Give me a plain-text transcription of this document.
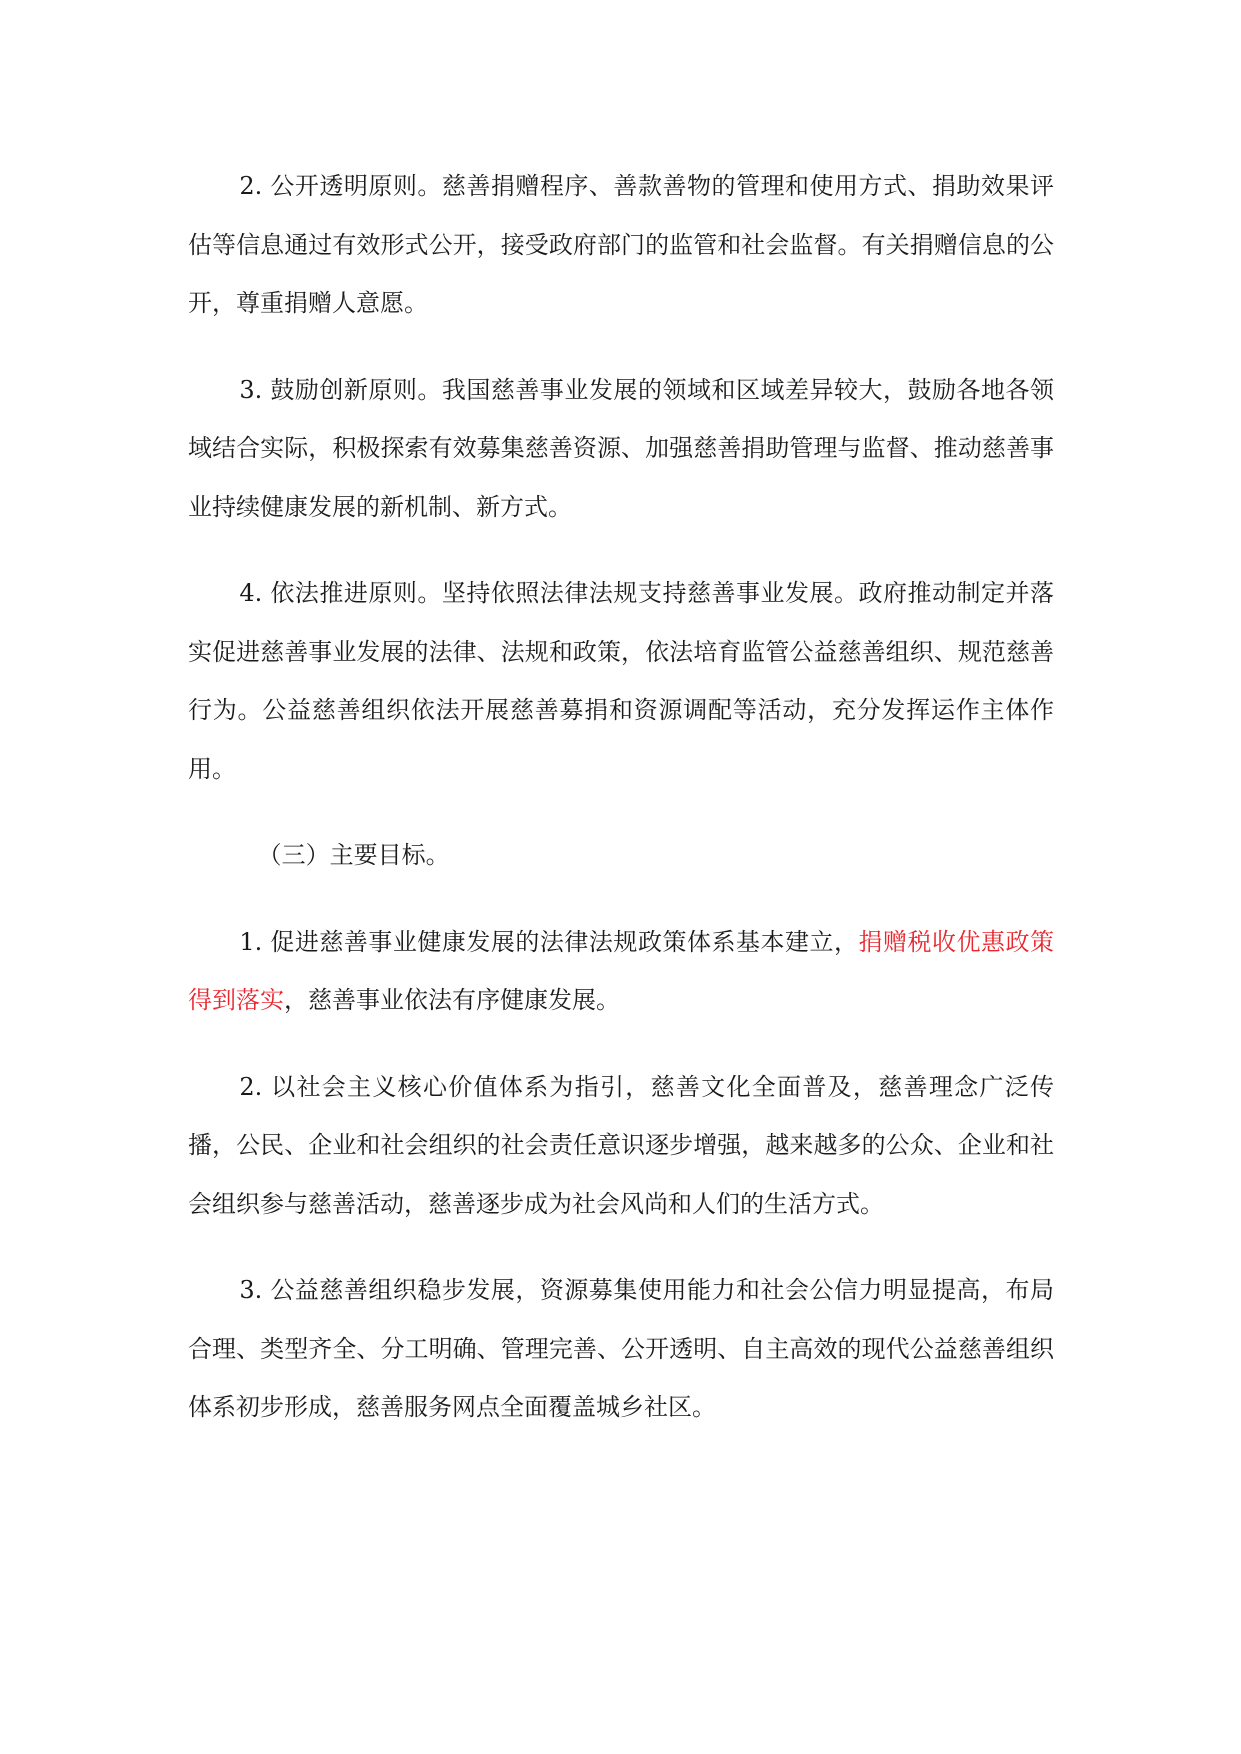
2. 公开透明原则。慈善捐赠程序、善款善物的管理和使用方式、捐助效果评估等信息通过有效形式公开，接受政府部门的监管和社会监督。有关捐赠信息的公开，尊重捐赠人意愿。

3. 鼓励创新原则。我国慈善事业发展的领域和区域差异较大，鼓励各地各领域结合实际，积极探索有效募集慈善资源、加强慈善捐助管理与监督、推动慈善事业持续健康发展的新机制、新方式。

4. 依法推进原则。坚持依照法律法规支持慈善事业发展。政府推动制定并落实促进慈善事业发展的法律、法规和政策，依法培育监管公益慈善组织、规范慈善行为。公益慈善组织依法开展慈善募捐和资源调配等活动，充分发挥运作主体作用。

（三）主要目标。

1. 促进慈善事业健康发展的法律法规政策体系基本建立，捐赠税收优惠政策得到落实，慈善事业依法有序健康发展。

2. 以社会主义核心价值体系为指引，慈善文化全面普及，慈善理念广泛传播，公民、企业和社会组织的社会责任意识逐步增强，越来越多的公众、企业和社会组织参与慈善活动，慈善逐步成为社会风尚和人们的生活方式。

3. 公益慈善组织稳步发展，资源募集使用能力和社会公信力明显提高，布局合理、类型齐全、分工明确、管理完善、公开透明、自主高效的现代公益慈善组织体系初步形成，慈善服务网点全面覆盖城乡社区。
